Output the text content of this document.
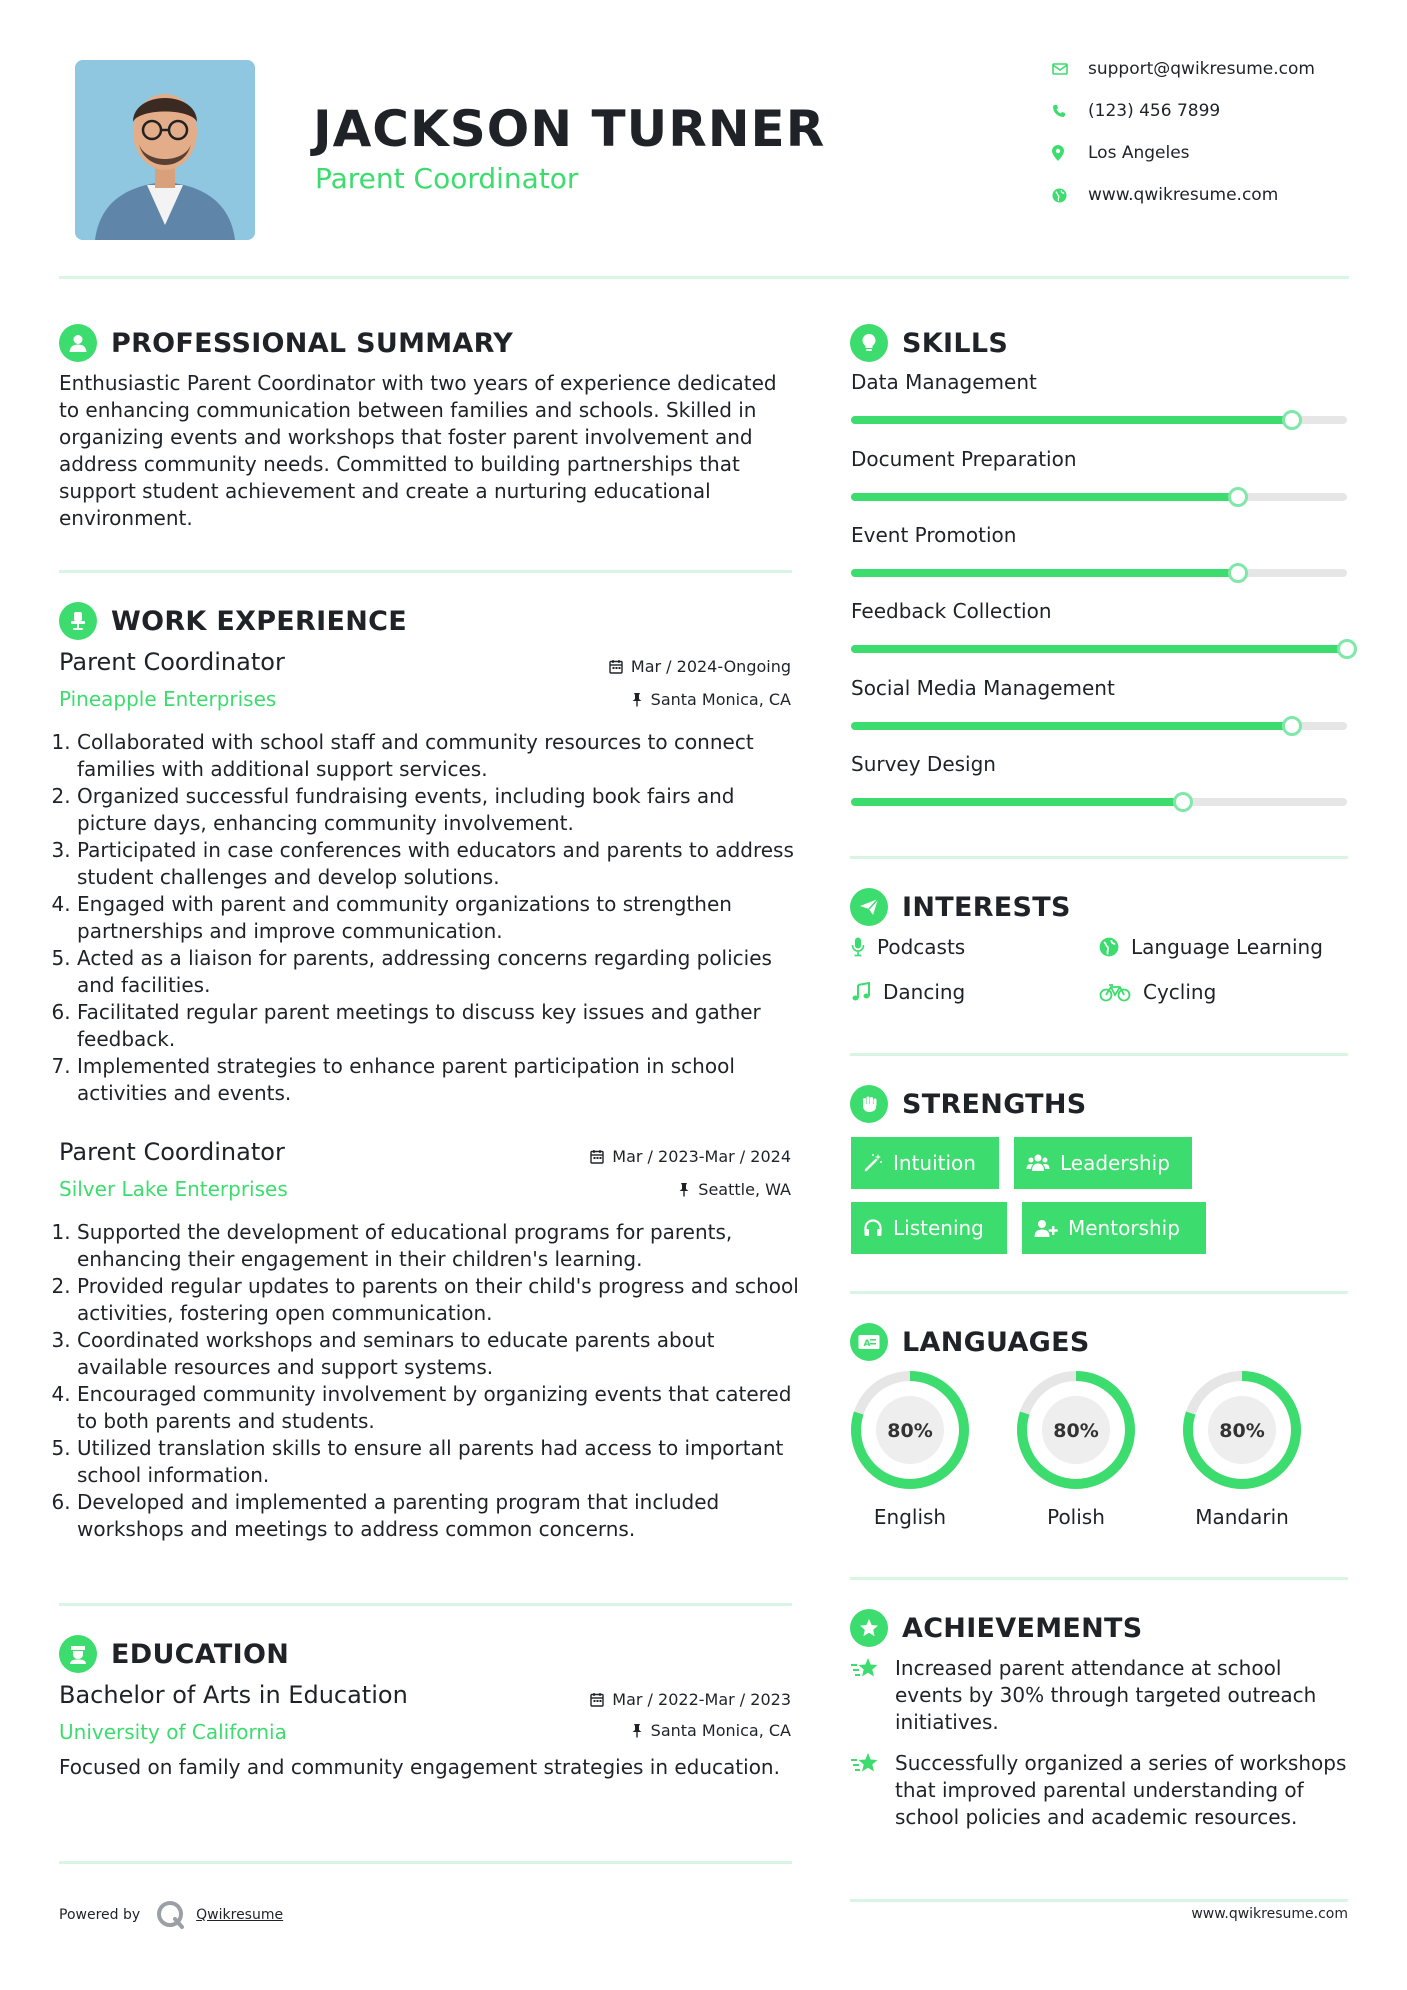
JACKSON TURNER
Parent Coordinator
support@qwikresume.com
(123) 456 7899
Los Angeles
www.qwikresume.com
PROFESSIONAL SUMMARY
Enthusiastic Parent Coordinator with two years of experience dedicated to enhancing communication between families and schools. Skilled in organizing events and workshops that foster parent involvement and address community needs. Committed to building partnerships that support student achievement and create a nurturing educational environment.
WORK EXPERIENCE
Parent Coordinator	Mar / 2024-Ongoing
Pineapple Enterprises	Santa Monica, CA
1. Collaborated with school staff and community resources to connect families with additional support services.
2. Organized successful fundraising events, including book fairs and picture days, enhancing community involvement.
3. Participated in case conferences with educators and parents to address student challenges and develop solutions.
4. Engaged with parent and community organizations to strengthen partnerships and improve communication.
5. Acted as a liaison for parents, addressing concerns regarding policies and facilities.
6. Facilitated regular parent meetings to discuss key issues and gather feedback.
7. Implemented strategies to enhance parent participation in school activities and events.
Parent Coordinator	Mar / 2023-Mar / 2024
Silver Lake Enterprises	Seattle, WA
1. Supported the development of educational programs for parents, enhancing their engagement in their children's learning.
2. Provided regular updates to parents on their child's progress and school activities, fostering open communication.
3. Coordinated workshops and seminars to educate parents about available resources and support systems.
4. Encouraged community involvement by organizing events that catered to both parents and students.
5. Utilized translation skills to ensure all parents had access to important school information.
6. Developed and implemented a parenting program that included workshops and meetings to address common concerns.
EDUCATION
Bachelor of Arts in Education	Mar / 2022-Mar / 2023
University of California	Santa Monica, CA
Focused on family and community engagement strategies in education.
SKILLS
Data Management
Document Preparation
Event Promotion
Feedback Collection
Social Media Management
Survey Design
INTERESTS
Podcasts	Language Learning
Dancing	Cycling
STRENGTHS
Intuition	Leadership
Listening	Mentorship
A LANGUAGES
80%
English
80%
Polish
80%
Mandarin
ACHIEVEMENTS
Increased parent attendance at school events by 30% through targeted outreach initiatives.
Successfully organized a series of workshops that improved parental understanding of school policies and academic resources.
Powered by	Qwikresume	www.qwikresume.com
